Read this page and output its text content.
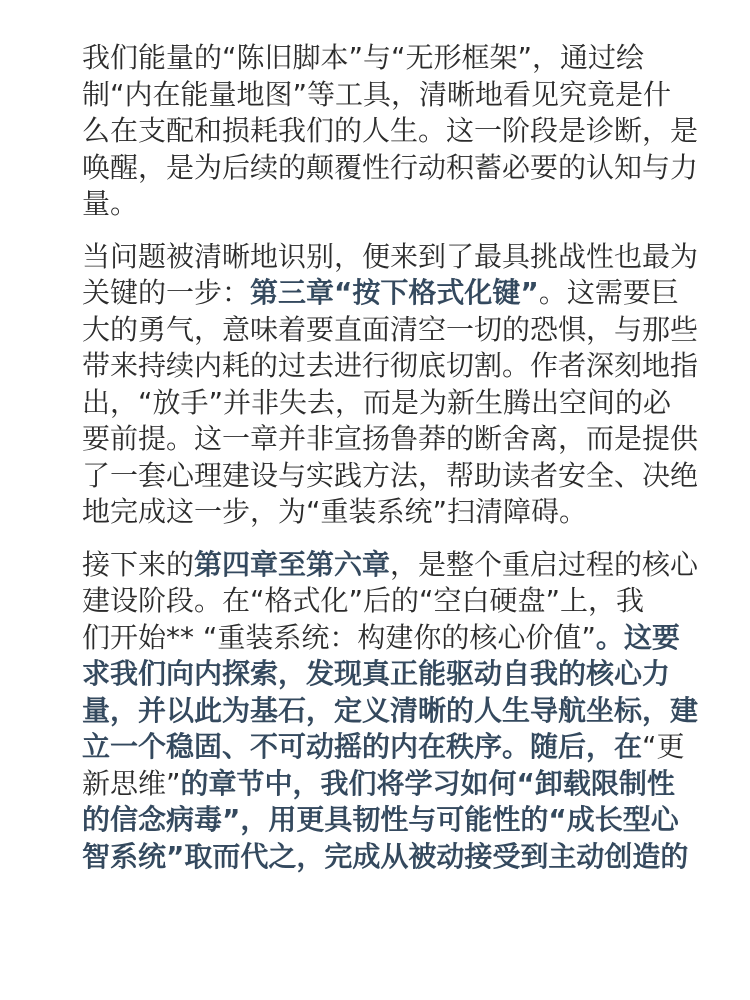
我们能量的“陈旧脚本”与“无形框架”，通过绘
制“内在能量地图”等工具，清晰地看见究竟是什
么在支配和损耗我们的人生。这一阶段是诊断，是
唤醒，是为后续的颠覆性行动积蓄必要的认知与力
量。
当问题被清晰地识别，便来到了最具挑战性也最为
关键的一步：第三章“按下格式化键”。这需要巨
大的勇气，意味着要直面清空一切的恐惧，与那些
带来持续内耗的过去进行彻底切割。作者深刻地指
出，“放手”并非失去，而是为新生腾出空间的必
要前提。这一章并非宣扬鲁莽的断舍离，而是提供
了一套心理建设与实践方法，帮助读者安全、决绝
地完成这一步，为“重装系统”扫清障碍。
接下来的第四章至第六章，是整个重启过程的核心
建设阶段。在“格式化”后的“空白硬盘”上，我
们开始** “重装系统：构建你的核心价值”。这要
求我们向内探索，发现真正能驱动自我的核心力
量，并以此为基石，定义清晰的人生导航坐标，建
立一个稳固、不可动摇的内在秩序。随后，在“更
新思维”的章节中，我们将学习如何“卸载限制性
的信念病毒”，用更具韧性与可能性的“成长型心
智系统”取而代之，完成从被动接受到主动创造的
